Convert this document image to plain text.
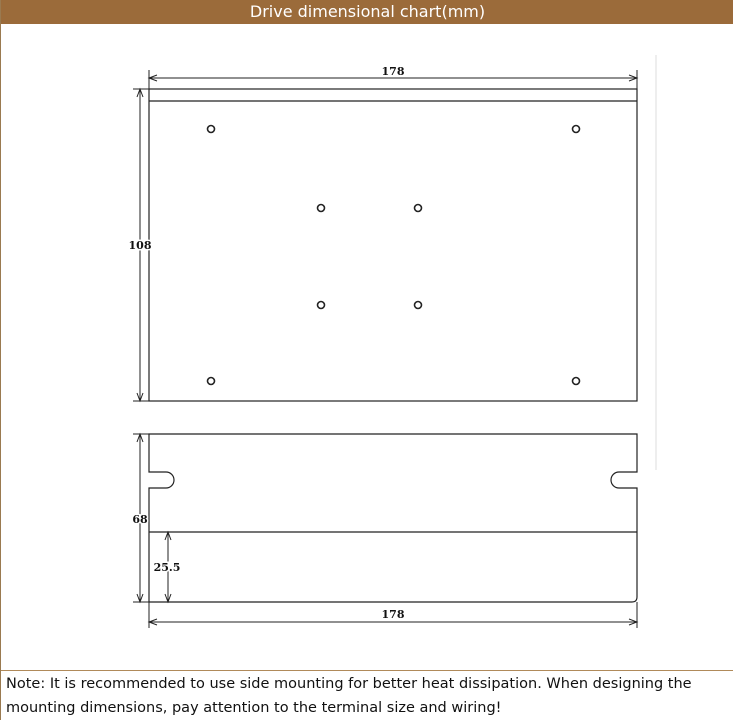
Drive dimensional chart(mm)
178
108
68
25.5
178
Note: It is recommended to use side mounting for better heat dissipation. When designing the
mounting dimensions, pay attention to the terminal size and wiring!
